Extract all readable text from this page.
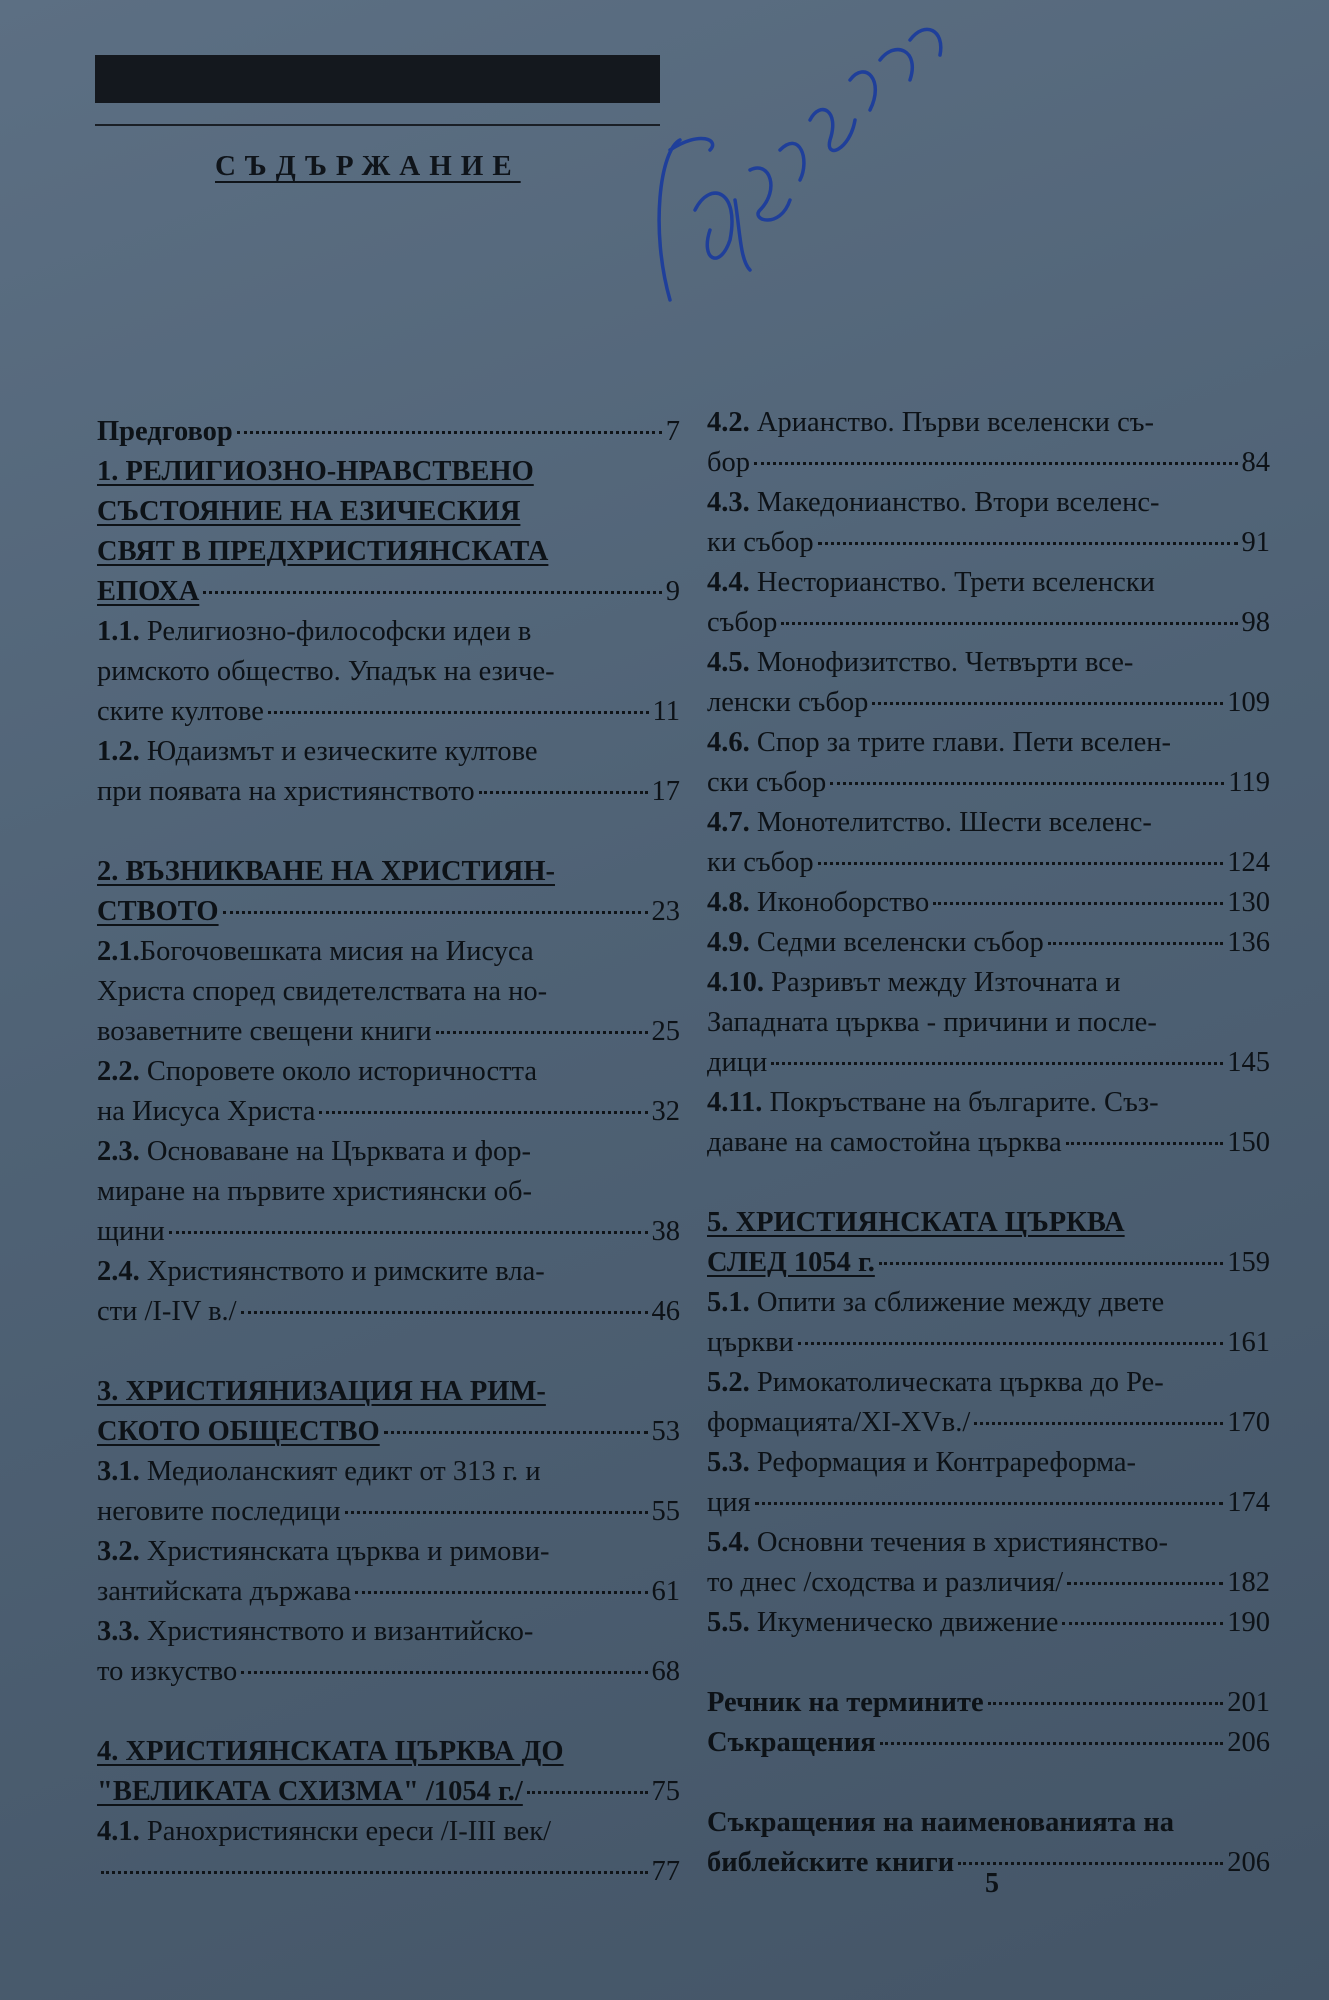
СЪДЪРЖАНИЕ
Предговор	7
1. РЕЛИГИОЗНО-НРАВСТВЕНО
СЪСТОЯНИЕ НА ЕЗИЧЕСКИЯ
СВЯТ В ПРЕДХРИСТИЯНСКАТА
ЕПОХА	9
1.1. Религиозно-философски идеи в
римското общество. Упадък на езиче-
ските култове	11
1.2. Юдаизмът и езическите култове
при появата на християнството	17
2. ВЪЗНИКВАНЕ НА ХРИСТИЯН-
СТВОТО	23
2.1.Богочовешката мисия на Иисуса
Христа според свидетелствата на но-
возаветните свещени книги	25
2.2. Споровете около историчността
на Иисуса Христа	32
2.3. Основаване на Църквата и фор-
миране на първите християнски об-
щини	38
2.4. Християнството и римските вла-
сти /І-ІV в./	46
3. ХРИСТИЯНИЗАЦИЯ НА РИМ-
СКОТО ОБЩЕСТВО	53
3.1. Медиоланският едикт от 313 г. и
неговите последици	55
3.2. Християнската църква и римови-
зантийската държава	61
3.3. Християнството и византийско-
то изкуство	68
4. ХРИСТИЯНСКАТА ЦЪРКВА ДО
"ВЕЛИКАТА СХИЗМА" /1054 г./	75
4.1. Ранохристиянски ереси /І-ІІІ век/
77
4.2. Арианство. Първи вселенски съ-
бор	84
4.3. Македонианство. Втори вселенс-
ки събор	91
4.4. Несторианство. Трети вселенски
събор	98
4.5. Монофизитство. Четвърти все-
ленски събор	109
4.6. Спор за трите глави. Пети вселен-
ски събор	119
4.7. Монотелитство. Шести вселенс-
ки събор	124
4.8. Иконоборство	130
4.9. Седми вселенски събор	136
4.10. Разривът между Източната и
Западната църква - причини и после-
дици	145
4.11. Покръстване на българите. Съз-
даване на самостойна църква	150
5. ХРИСТИЯНСКАТА ЦЪРКВА
СЛЕД 1054 г.	159
5.1. Опити за сближение между двете
църкви	161
5.2. Римокатолическата църква до Ре-
формацията/ХІ-ХVв./	170
5.3. Реформация и Контрареформа-
ция	174
5.4. Основни течения в християнство-
то днес /сходства и различия/	182
5.5. Икуменическо движение	190
Речник на термините	201
Съкращения	206
Съкращения на наименованията на
библейските книги	206
5
